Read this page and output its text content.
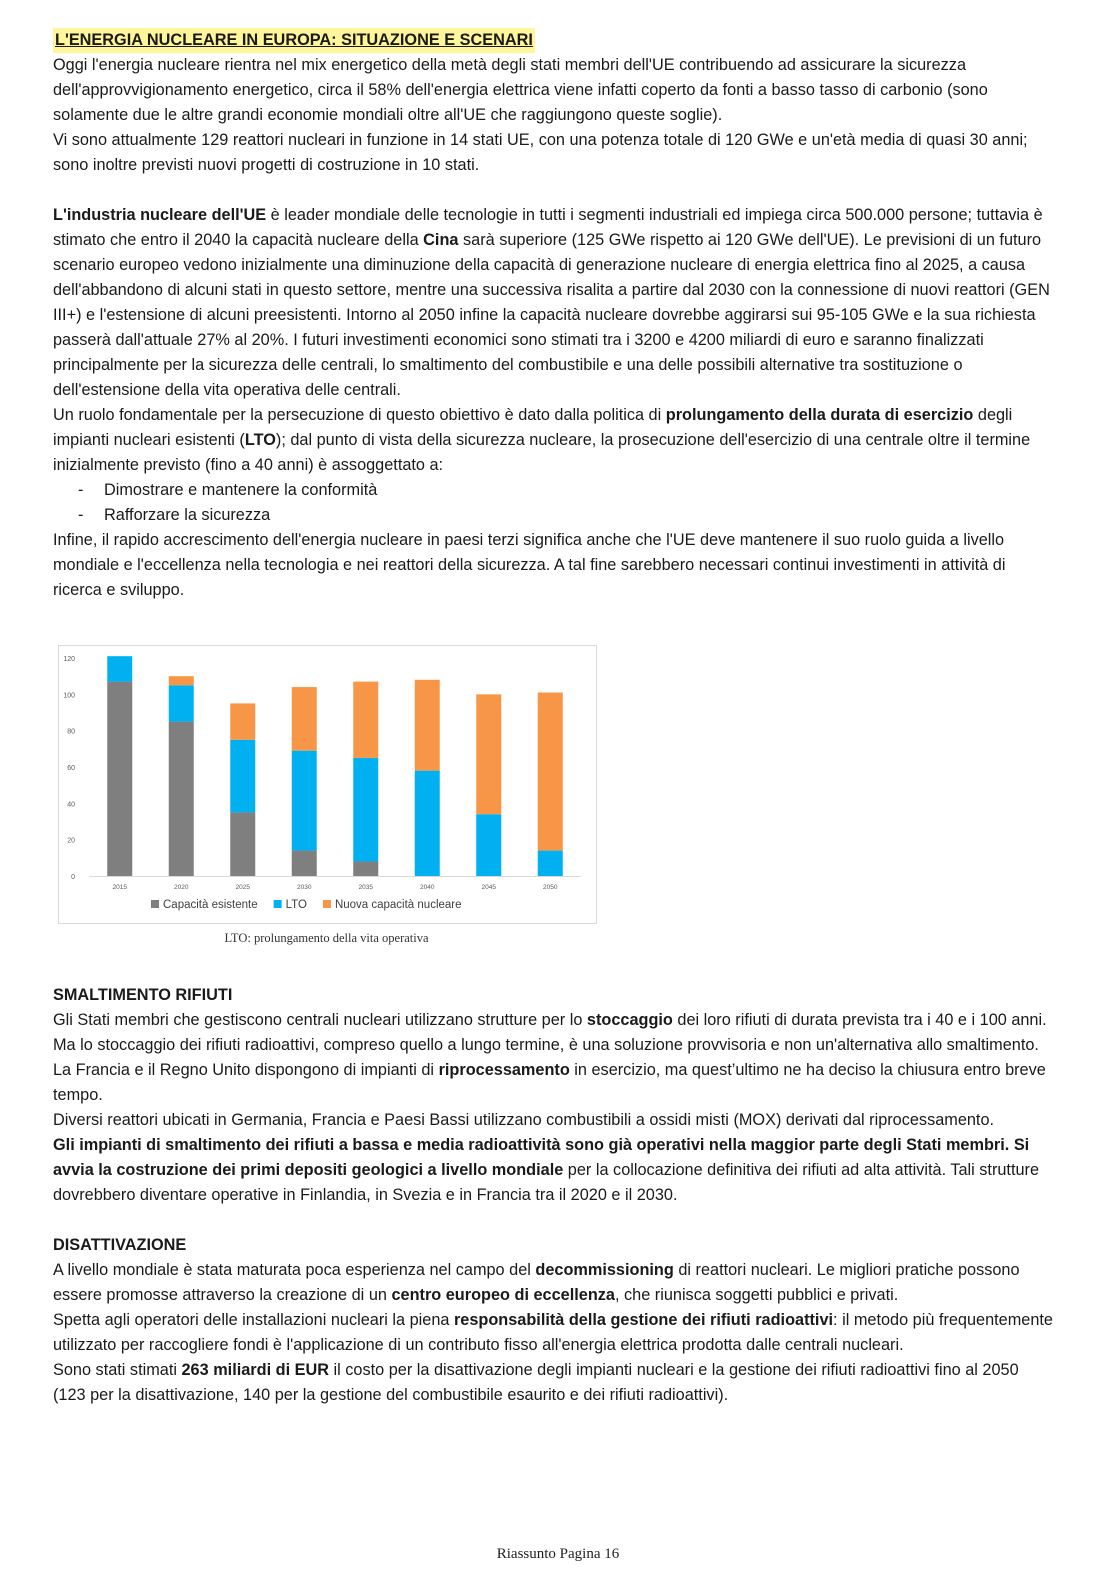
L'ENERGIA NUCLEARE IN EUROPA: SITUAZIONE E SCENARI

Oggi l'energia nucleare rientra nel mix energetico della metà degli stati membri dell'UE contribuendo ad assicurare la sicurezza dell'approvvigionamento energetico, circa il 58% dell'energia elettrica viene infatti coperto da fonti a basso tasso di carbonio (sono solamente due le altre grandi economie mondiali oltre all'UE che raggiungono queste soglie).

Vi sono attualmente 129 reattori nucleari in funzione in 14 stati UE, con una potenza totale di 120 GWe e un'età media di quasi 30 anni; sono inoltre previsti nuovi progetti di costruzione in 10 stati.

L'industria nucleare dell'UE è leader mondiale delle tecnologie in tutti i segmenti industriali ed impiega circa 500.000 persone; tuttavia è stimato che entro il 2040 la capacità nucleare della Cina sarà superiore (125 GWe rispetto ai 120 GWe dell'UE). Le previsioni di un futuro scenario europeo vedono inizialmente una diminuzione della capacità di generazione nucleare di energia elettrica fino al 2025, a causa dell'abbandono di alcuni stati in questo settore, mentre una successiva risalita a partire dal 2030 con la connessione di nuovi reattori (GEN III+) e l'estensione di alcuni preesistenti. Intorno al 2050 infine la capacità nucleare dovrebbe aggirarsi sui 95-105 GWe e la sua richiesta passerà dall'attuale 27% al 20%. I futuri investimenti economici sono stimati tra i 3200 e 4200 miliardi di euro e saranno finalizzati principalmente per la sicurezza delle centrali, lo smaltimento del combustibile e una delle possibili alternative tra sostituzione o dell'estensione della vita operativa delle centrali.

Un ruolo fondamentale per la persecuzione di questo obiettivo è dato dalla politica di prolungamento della durata di esercizio degli impianti nucleari esistenti (LTO); dal punto di vista della sicurezza nucleare, la prosecuzione dell'esercizio di una centrale oltre il termine inizialmente previsto (fino a 40 anni) è assoggettato a:

- Dimostrare e mantenere la conformità
- Rafforzare la sicurezza

Infine, il rapido accrescimento dell'energia nucleare in paesi terzi significa anche che l'UE deve mantenere il suo ruolo guida a livello mondiale e l'eccellenza nella tecnologia e nei reattori della sicurezza. A tal fine sarebbero necessari continui investimenti in attività di ricerca e sviluppo.

0
20
40
60
80
100
120
2015	2020	2025	2030	2035	2040	2045	2050
Capacità esistente LTO Nuova capacità nucleare
LTO: prolungamento della vita operativa

SMALTIMENTO RIFIUTI

Gli Stati membri che gestiscono centrali nucleari utilizzano strutture per lo stoccaggio dei loro rifiuti di durata prevista tra i 40 e i 100 anni. Ma lo stoccaggio dei rifiuti radioattivi, compreso quello a lungo termine, è una soluzione provvisoria e non un'alternativa allo smaltimento.

La Francia e il Regno Unito dispongono di impianti di riprocessamento in esercizio, ma quest’ultimo ne ha deciso la chiusura entro breve tempo.

Diversi reattori ubicati in Germania, Francia e Paesi Bassi utilizzano combustibili a ossidi misti (MOX) derivati dal riprocessamento.

Gli impianti di smaltimento dei rifiuti a bassa e media radioattività sono già operativi nella maggior parte degli Stati membri. Si avvia la costruzione dei primi depositi geologici a livello mondiale per la collocazione definitiva dei rifiuti ad alta attività. Tali strutture dovrebbero diventare operative in Finlandia, in Svezia e in Francia tra il 2020 e il 2030.

DISATTIVAZIONE

A livello mondiale è stata maturata poca esperienza nel campo del decommissioning di reattori nucleari. Le migliori pratiche possono essere promosse attraverso la creazione di un centro europeo di eccellenza, che riunisca soggetti pubblici e privati.

Spetta agli operatori delle installazioni nucleari la piena responsabilità della gestione dei rifiuti radioattivi: il metodo più frequentemente utilizzato per raccogliere fondi è l'applicazione di un contributo fisso all'energia elettrica prodotta dalle centrali nucleari.

Sono stati stimati 263 miliardi di EUR il costo per la disattivazione degli impianti nucleari e la gestione dei rifiuti radioattivi fino al 2050 (123 per la disattivazione, 140 per la gestione del combustibile esaurito e dei rifiuti radioattivi).

Riassunto Pagina 16
